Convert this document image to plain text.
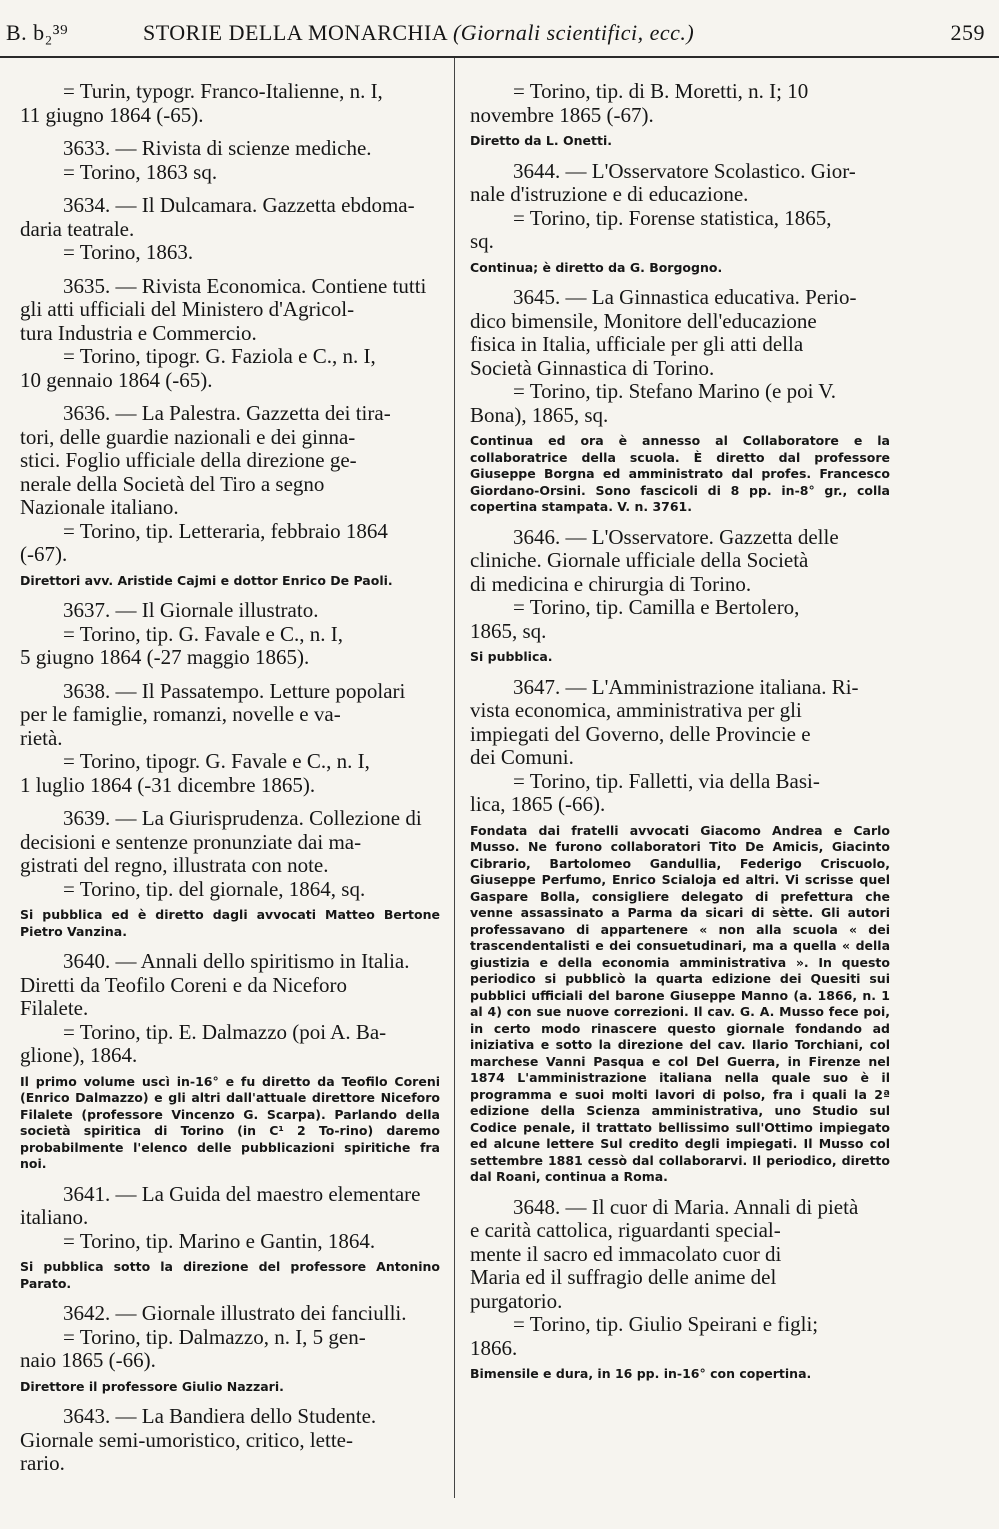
B. b₂³⁹	STORIE DELLA MONARCHIA (Giornali scientifici, ecc.)	259
= Turin, typogr. Franco-Italienne, n. I,
11 giugno 1864 (-65).
3633. — Rivista di scienze mediche.
= Torino, 1863 sq.
3634. — Il Dulcamara. Gazzetta ebdoma-
daria teatrale.
= Torino, 1863.
3635. — Rivista Economica. Contiene tutti
gli atti ufficiali del Ministero d'Agricol-
tura Industria e Commercio.
= Torino, tipogr. G. Faziola e C., n. I,
10 gennaio 1864 (-65).
3636. — La Palestra. Gazzetta dei tira-
tori, delle guardie nazionali e dei ginna-
stici. Foglio ufficiale della direzione ge-
nerale della Società del Tiro a segno
Nazionale italiano.
= Torino, tip. Letteraria, febbraio 1864
(-67).
Direttori avv. Aristide Cajmi e dottor Enrico De Paoli.
3637. — Il Giornale illustrato.
= Torino, tip. G. Favale e C., n. I,
5 giugno 1864 (-27 maggio 1865).
3638. — Il Passatempo. Letture popolari
per le famiglie, romanzi, novelle e va-
rietà.
= Torino, tipogr. G. Favale e C., n. I,
1 luglio 1864 (-31 dicembre 1865).
3639. — La Giurisprudenza. Collezione di
decisioni e sentenze pronunziate dai ma-
gistrati del regno, illustrata con note.
= Torino, tip. del giornale, 1864, sq.
Si pubblica ed è diretto dagli avvocati Matteo Bertone Pietro Vanzina.
3640. — Annali dello spiritismo in Italia.
Diretti da Teofilo Coreni e da Niceforo
Filalete.
= Torino, tip. E. Dalmazzo (poi A. Ba-
glione), 1864.
Il primo volume uscì in-16° e fu diretto da Teofilo Coreni (Enrico Dalmazzo) e gli altri dall'attuale direttore Niceforo Filalete (professore Vincenzo G. Scarpa). Parlando della società spiritica di Torino (in C¹ 2 To-rino) daremo probabilmente l'elenco delle pubblicazioni spiritiche fra noi.
3641. — La Guida del maestro elementare
italiano.
= Torino, tip. Marino e Gantin, 1864.
Si pubblica sotto la direzione del professore Antonino Parato.
3642. — Giornale illustrato dei fanciulli.
= Torino, tip. Dalmazzo, n. I, 5 gen-
naio 1865 (-66).
Direttore il professore Giulio Nazzari.
3643. — La Bandiera dello Studente.
Giornale semi-umoristico, critico, lette-
rario.
= Torino, tip. di B. Moretti, n. I; 10
novembre 1865 (-67).
Diretto da L. Onetti.
3644. — L'Osservatore Scolastico. Gior-
nale d'istruzione e di educazione.
= Torino, tip. Forense statistica, 1865,
sq.
Continua; è diretto da G. Borgogno.
3645. — La Ginnastica educativa. Perio-
dico bimensile, Monitore dell'educazione
fisica in Italia, ufficiale per gli atti della
Società Ginnastica di Torino.
= Torino, tip. Stefano Marino (e poi V.
Bona), 1865, sq.
Continua ed ora è annesso al Collaboratore e la collaboratrice della scuola. È diretto dal professore Giuseppe Borgna ed amministrato dal profes. Francesco Giordano-Orsini. Sono fascicoli di 8 pp. in-8° gr., colla copertina stampata. V. n. 3761.
3646. — L'Osservatore. Gazzetta delle
cliniche. Giornale ufficiale della Società
di medicina e chirurgia di Torino.
= Torino, tip. Camilla e Bertolero,
1865, sq.
Si pubblica.
3647. — L'Amministrazione italiana. Ri-
vista economica, amministrativa per gli
impiegati del Governo, delle Provincie e
dei Comuni.
= Torino, tip. Falletti, via della Basi-
lica, 1865 (-66).
Fondata dai fratelli avvocati Giacomo Andrea e Carlo Musso. Ne furono collaboratori Tito De Amicis, Giacinto Cibrario, Bartolomeo Gandullia, Federigo Criscuolo, Giuseppe Perfumo, Enrico Scialoja ed altri. Vi scrisse quel Gaspare Bolla, consigliere delegato di prefettura che venne assassinato a Parma da sicari di sètte. Gli autori professavano di appartenere « non alla scuola « dei trascendentalisti e dei consuetudinari, ma a quella « della giustizia e della economia amministrativa ». In questo periodico si pubblicò la quarta edizione dei Quesiti sui pubblici ufficiali del barone Giuseppe Manno (a. 1866, n. 1 al 4) con sue nuove correzioni. Il cav. G. A. Musso fece poi, in certo modo rinascere questo giornale fondando ad iniziativa e sotto la direzione del cav. Ilario Torchiani, col marchese Vanni Pasqua e col Del Guerra, in Firenze nel 1874 L'amministrazione italiana nella quale suo è il programma e suoi molti lavori di polso, fra i quali la 2ª edizione della Scienza amministrativa, uno Studio sul Codice penale, il trattato bellissimo sull'Ottimo impiegato ed alcune lettere Sul credito degli impiegati. Il Musso col settembre 1881 cessò dal collaborarvi. Il periodico, diretto dal Roani, continua a Roma.
3648. — Il cuor di Maria. Annali di pietà
e carità cattolica, riguardanti special-
mente il sacro ed immacolato cuor di
Maria ed il suffragio delle anime del
purgatorio.
= Torino, tip. Giulio Speirani e figli;
1866.
Bimensile e dura, in 16 pp. in-16° con copertina.
